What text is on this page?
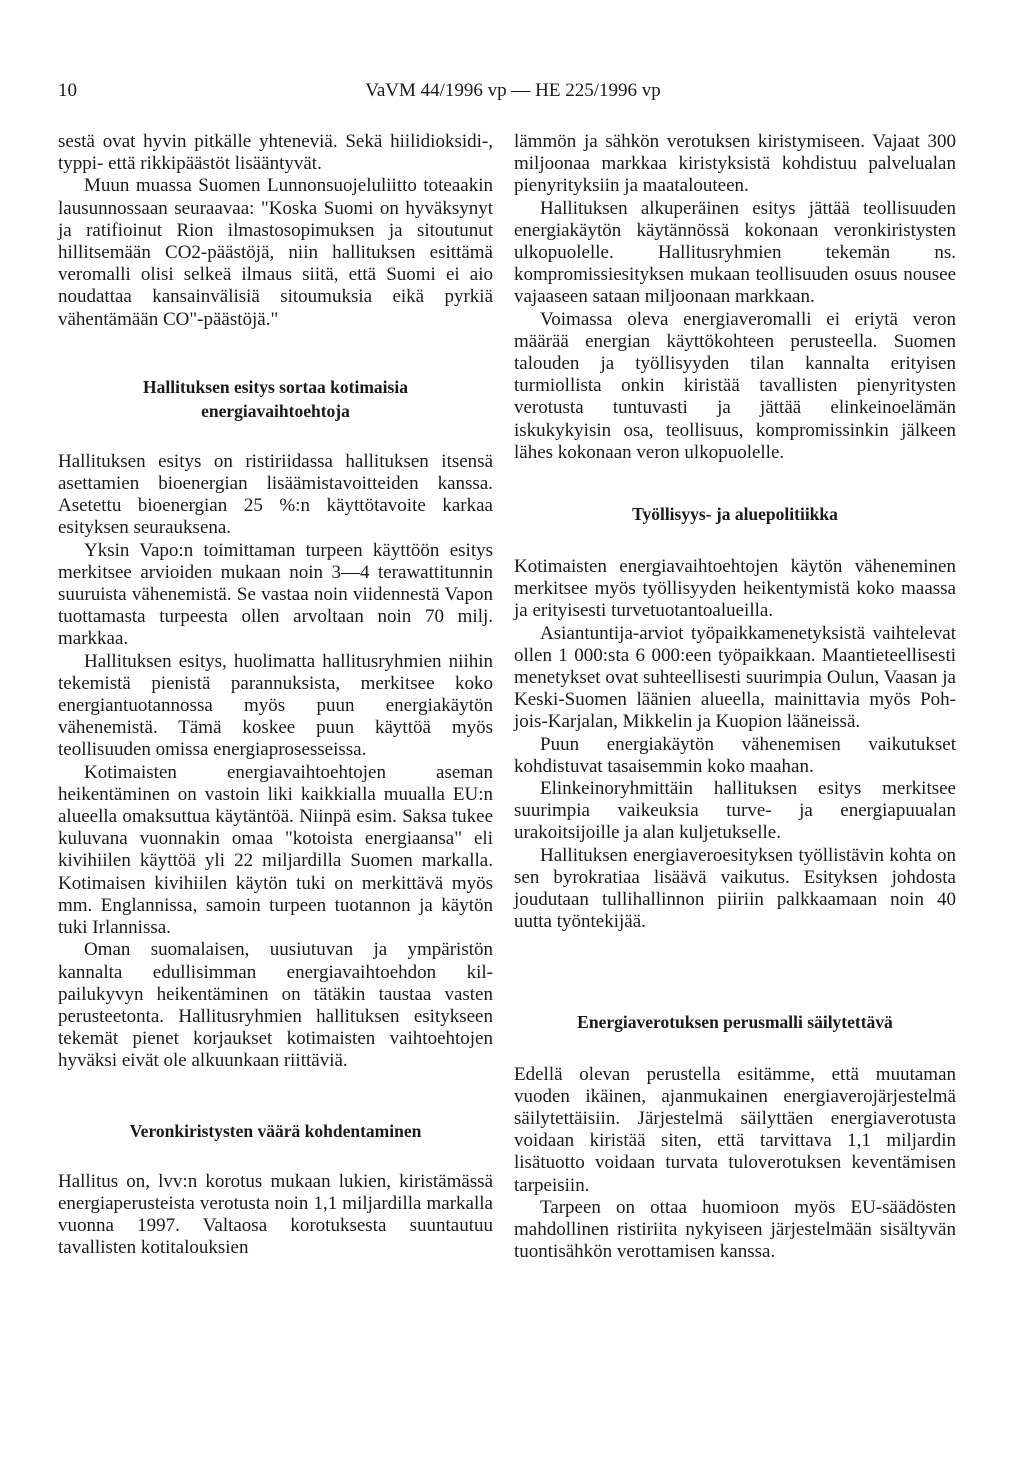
10	VaVM 44/1996 vp — HE 225/1996 vp

sestä ovat hyvin pitkälle yhteneviä. Sekä hiilidioksidi-, typpi- että rikkipäästöt lisääntyvät.

Muun muassa Suomen Lunnonsuojeluliitto toteaakin lausunnossaan seuraavaa: "Koska Suomi on hyväksynyt ja ratifioinut Rion ilmastosopimuksen ja sitoutunut hillitsemään CO2-päästöjä, niin hallituksen esittämä veromalli olisi selkeä ilmaus siitä, että Suomi ei aio noudattaa kansainvälisiä sitoumuksia eikä pyrkiä vähentämään CO"-päästöjä."

Hallituksen esitys sortaa kotimaisia energiavaihtoehtoja

Hallituksen esitys on ristiriidassa hallituksen itsensä asettamien bioenergian lisäämistavoitteiden kanssa. Asetettu bioenergian 25 %:n käyttötavoite karkaa esityksen seurauksena.

Yksin Vapo:n toimittaman turpeen käyttöön esitys merkitsee arvioiden mukaan noin 3—4 terawattitunnin suuruista vähenemistä. Se vastaa noin viidennestä Vapon tuottamasta turpeesta ollen arvoltaan noin 70 milj. markkaa.

Hallituksen esitys, huolimatta hallitusryhmien niihin tekemistä pienistä parannuksista, merkitsee koko energiantuotannossa myös puun energiakäytön vähenemistä. Tämä koskee puun käyttöä myös teollisuuden omissa energiaprosesseissa.

Kotimaisten energiavaihtoehtojen aseman heikentäminen on vastoin liki kaikkialla muualla EU:n alueella omaksuttua käytäntöä. Niinpä esim. Saksa tukee kuluvana vuonnakin omaa "kotoista energiaansa" eli kivihiilen käyttöä yli 22 miljardilla Suomen markalla. Kotimaisen kivihiilen käytön tuki on merkittävä myös mm. Englannissa, samoin turpeen tuotannon ja käytön tuki Irlannissa.

Oman suomalaisen, uusiutuvan ja ympäristön kannalta edullisimman energiavaihtoehdon kilpailukyvyn heikentäminen on tätäkin taustaa vasten perusteetonta. Hallitusryhmien hallituksen esitykseen tekemät pienet korjaukset kotimaisten vaihtoehtojen hyväksi eivät ole alkuunkaan riittäviä.

Veronkiristysten väärä kohdentaminen

Hallitus on, lvv:n korotus mukaan lukien, kiristämässä energiaperusteista verotusta noin 1,1 miljardilla markalla vuonna 1997. Valtaosa korotuksesta suuntautuu tavallisten kotitalouksien

lämmön ja sähkön verotuksen kiristymiseen. Vajaat 300 miljoonaa markkaa kiristyksistä kohdistuu palvelualan pienyrityksiin ja maatalouteen.

Hallituksen alkuperäinen esitys jättää teollisuuden energiakäytön käytännössä kokonaan veronkiristysten ulkopuolelle. Hallitusryhmien tekemän ns. kompromissiesityksen mukaan teollisuuden osuus nousee vajaaseen sataan miljoonaan markkaan.

Voimassa oleva energiaveromalli ei eriytä veron määrää energian käyttökohteen perusteella. Suomen talouden ja työllisyyden tilan kannalta erityisen turmiollista onkin kiristää tavallisten pienyritysten verotusta tuntuvasti ja jättää elinkeinoelämän iskukykyisin osa, teollisuus, kompromissinkin jälkeen lähes kokonaan veron ulkopuolelle.

Työllisyys- ja aluepolitiikka

Kotimaisten energiavaihtoehtojen käytön väheneminen merkitsee myös työllisyyden heikentymistä koko maassa ja erityisesti turvetuotantoalueilla.

Asiantuntija-arviot työpaikkamenetyksistä vaihtelevat ollen 1 000:sta 6 000:een työpaikkaan. Maantieteellisesti menetykset ovat suhteellisesti suurimpia Oulun, Vaasan ja Keski-Suomen läänien alueella, mainittavia myös Pohjois-Karjalan, Mikkelin ja Kuopion lääneissä.

Puun energiakäytön vähenemisen vaikutukset kohdistuvat tasaisemmin koko maahan.

Elinkeinoryhmittäin hallituksen esitys merkitsee suurimpia vaikeuksia turve- ja energiapuualan urakoitsijoille ja alan kuljetukselle.

Hallituksen energiaveroesityksen työllistävin kohta on sen byrokratiaa lisäävä vaikutus. Esityksen johdosta joudutaan tullihallinnon piiriin palkkaamaan noin 40 uutta työntekijää.

Energiaverotuksen perusmalli säilytettävä

Edellä olevan perustella esitämme, että muutaman vuoden ikäinen, ajanmukainen energiaverojärjestelmä säilytettäisiin. Järjestelmä säilyttäen energiaverotusta voidaan kiristää siten, että tarvittava 1,1 miljardin lisätuotto voidaan turvata tuloverotuksen keventämisen tarpeisiin.

Tarpeen on ottaa huomioon myös EU-säädösten mahdollinen ristiriita nykyiseen järjestelmään sisältyvän tuontisähkön verottamisen kanssa.
